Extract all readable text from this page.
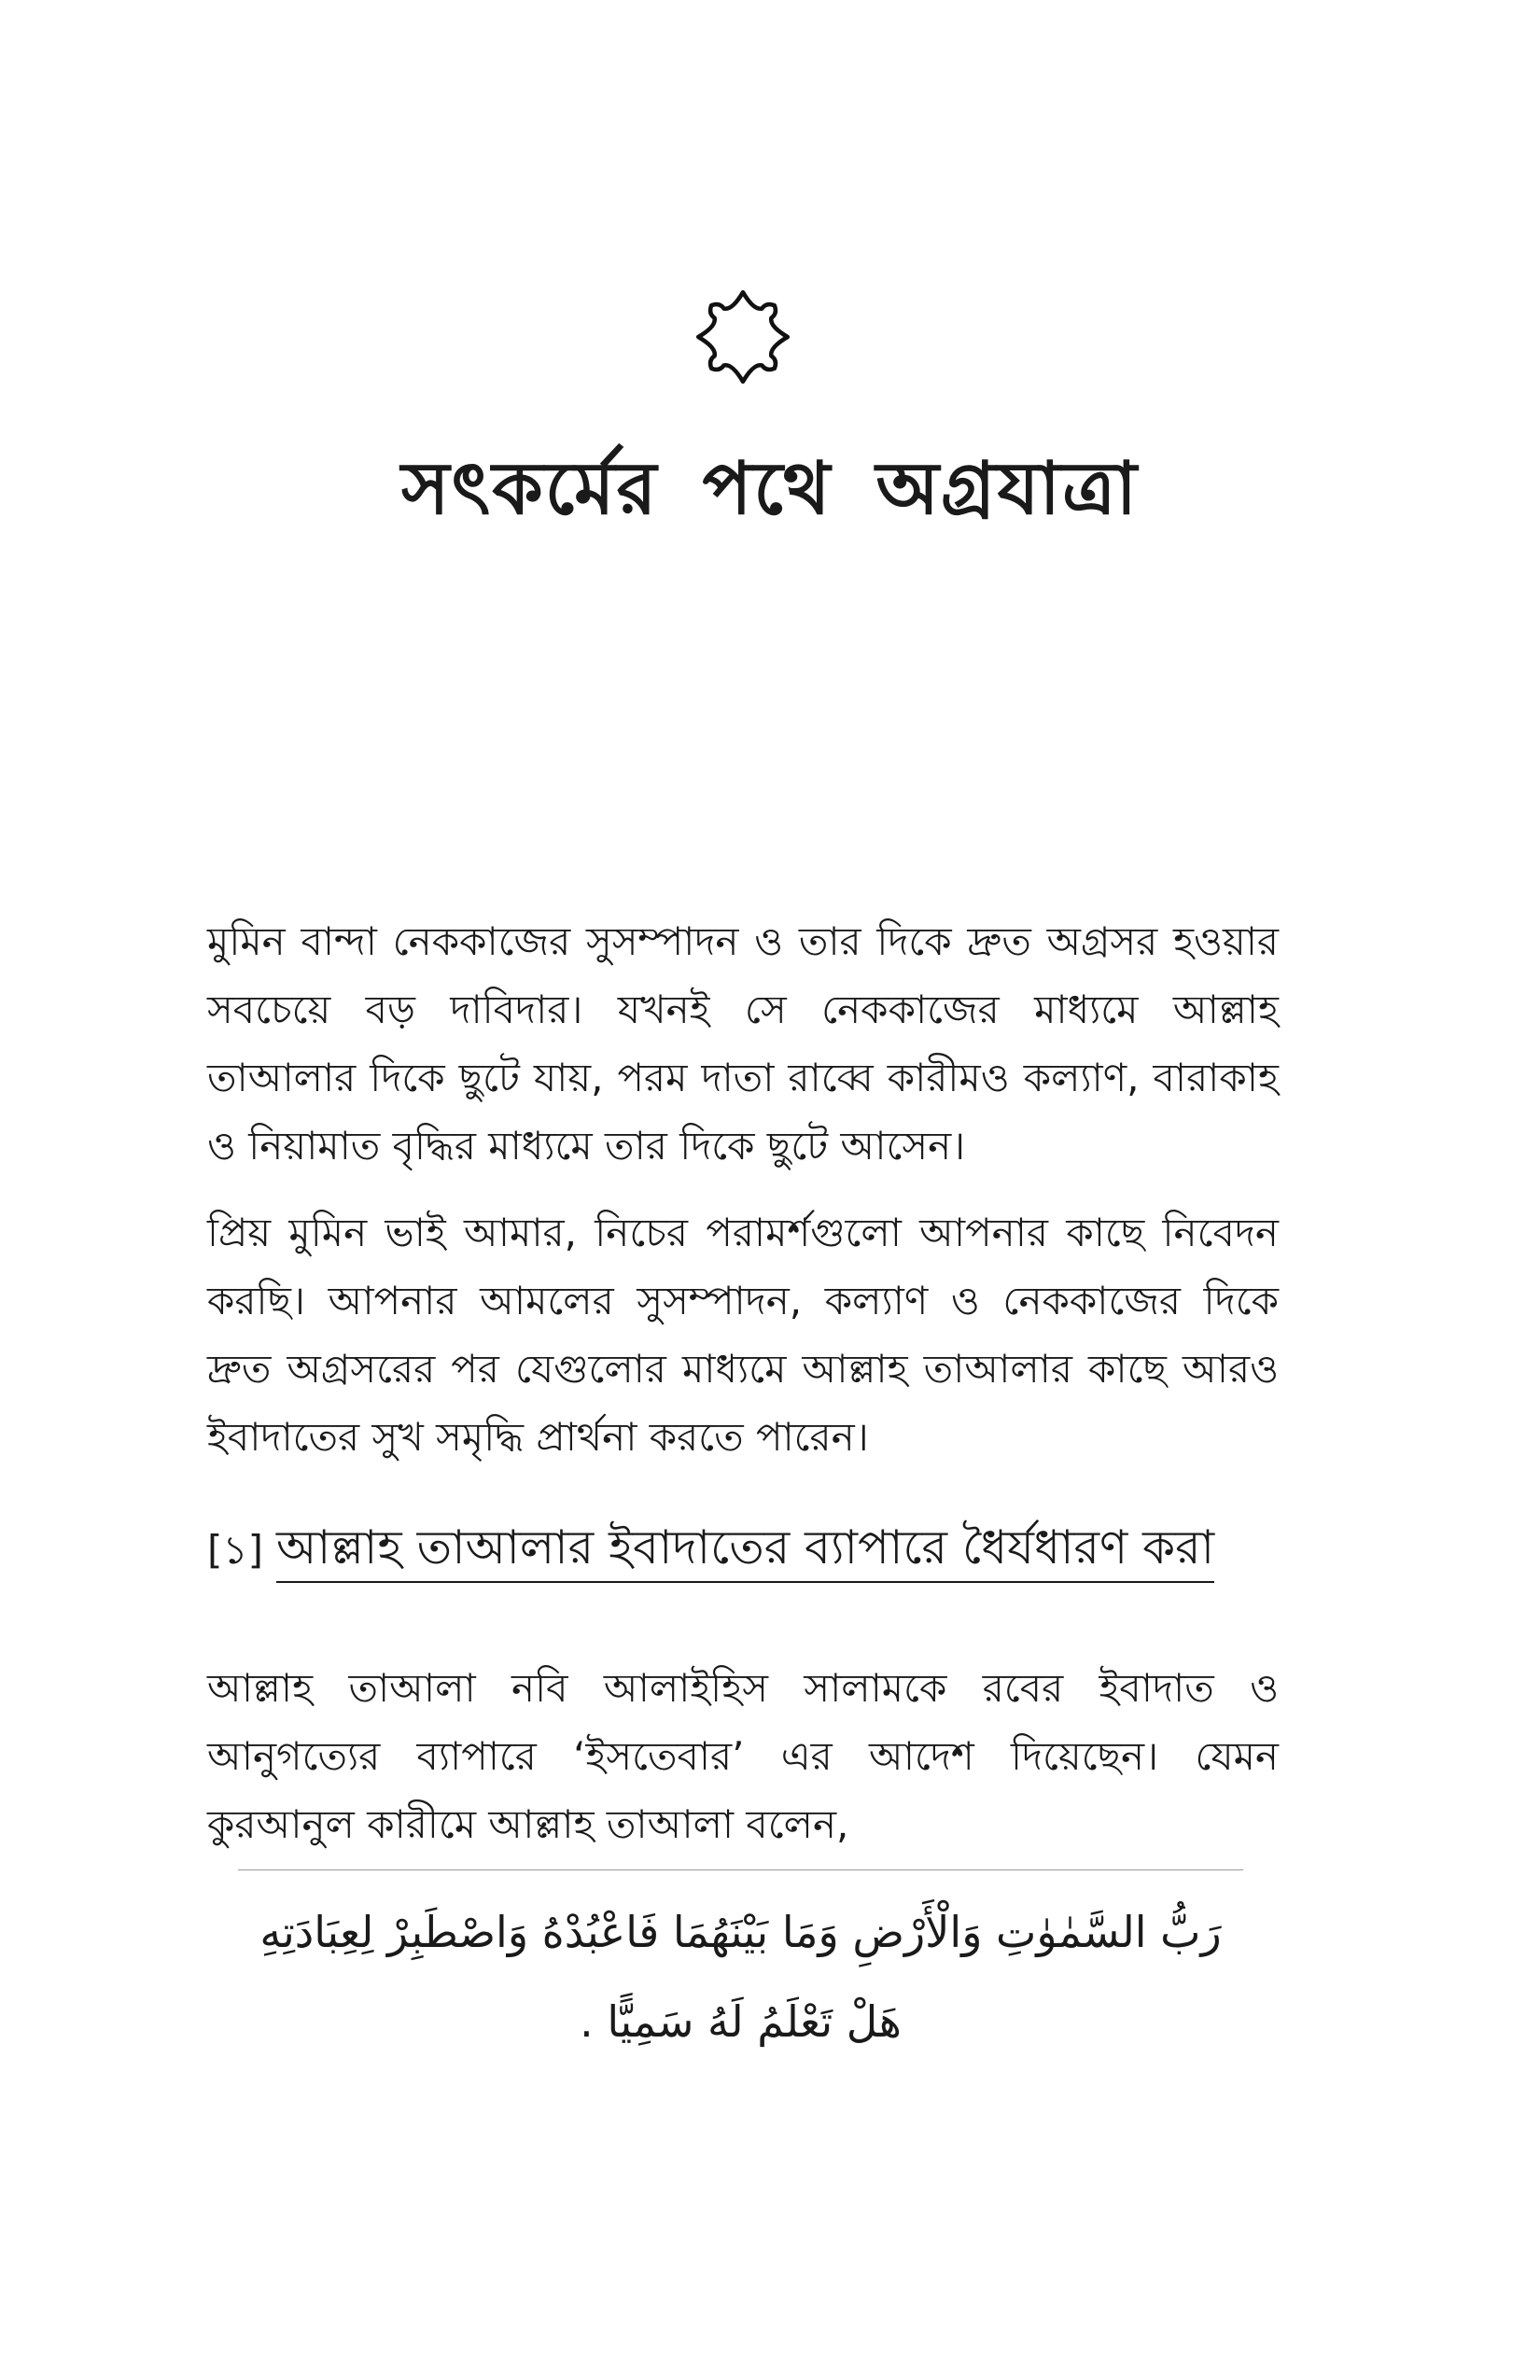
সৎকর্মের পথে অগ্রযাত্রা

মুমিন বান্দা নেককাজের সুসম্পাদন ও তার দিকে দ্রুত অগ্রসর হওয়ার সবচেয়ে বড় দাবিদার। যখনই সে নেককাজের মাধ্যমে আল্লাহ তাআলার দিকে ছুটে যায়, পরম দাতা রাব্বে কারীমও কল্যাণ, বারাকাহ ও নিয়ামাত বৃদ্ধির মাধ্যমে তার দিকে ছুটে আসেন।

প্রিয় মুমিন ভাই আমার, নিচের পরামর্শগুলো আপনার কাছে নিবেদন করছি। আপনার আমলের সুসম্পাদন, কল্যাণ ও নেককাজের দিকে দ্রুত অগ্রসরের পর যেগুলোর মাধ্যমে আল্লাহ তাআলার কাছে আরও ইবাদাতের সুখ সমৃদ্ধি প্রার্থনা করতে পারেন।

[১] আল্লাহ তাআলার ইবাদাতের ব্যাপারে ধৈর্যধারণ করা

আল্লাহ তাআলা নবি আলাইহিস সালামকে রবের ইবাদাত ও আনুগত্যের ব্যাপারে ‘ইসতেবার’ এর আদেশ দিয়েছেন। যেমন কুরআনুল কারীমে আল্লাহ তাআলা বলেন,

رَبُّ السَّمٰوٰتِ وَالْأَرْضِ وَمَا بَيْنَهُمَا فَاعْبُدْهُ وَاصْطَبِرْ لِعِبَادَتِهِ هَلْ تَعْلَمُ لَهُ سَمِيًّا .
